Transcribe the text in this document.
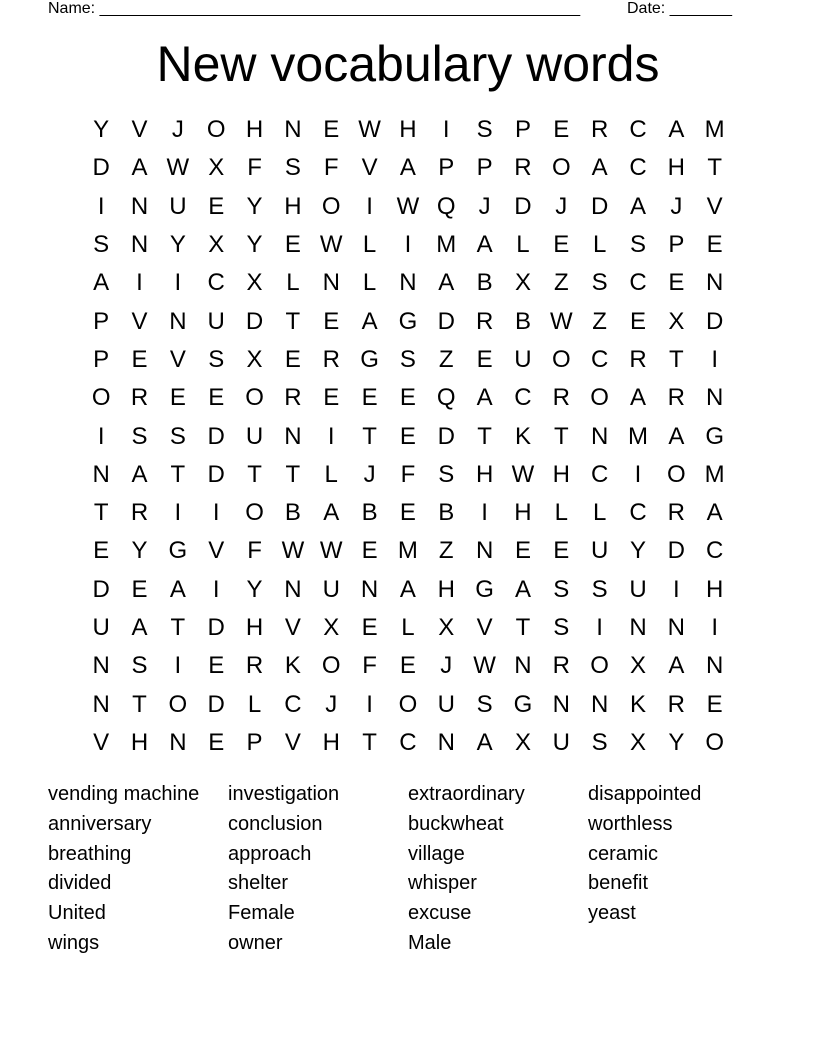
Name: ______________________________________________________	Date: _______
New vocabulary words
Y V	J O H N E W H	I	S P E R C A M
D A W X F S F V A P P R O A C H T
I	N U E Y H O	I W Q J D J D A	J	V
S N Y X Y E W L	I	M A L E L S P E
A	I	I	C X L N L N A B X Z S C E N
P V N U D T E A G D R B W Z E X D
P E V S X E R G S Z E U O C R T	I
O R E E O R E E E Q A C R O A R N
I	S S D U N	I	T E D T K T N M A G
N A T D T T	L	J	F S H W H C	I	O M
T R	I	I	O B A B E B	I	H L	L C R A
E Y G V F W W E M Z N E E U Y D C
D E A	I	Y N U N A H G A S S U	I	H
U A T D H V X E L X V T S	I	N N	I
N S	I	E R K O F E	J W N R O X A N
N T O D L C J	I	O U S G N N K R E
V H N E P V H T C N A X U S X Y O
vending machine	investigation	extraordinary	disappointed
anniversary	conclusion	buckwheat	worthless
breathing	approach	village	ceramic
divided	shelter	whisper	benefit
United	Female	excuse	yeast
wings	owner	Male
